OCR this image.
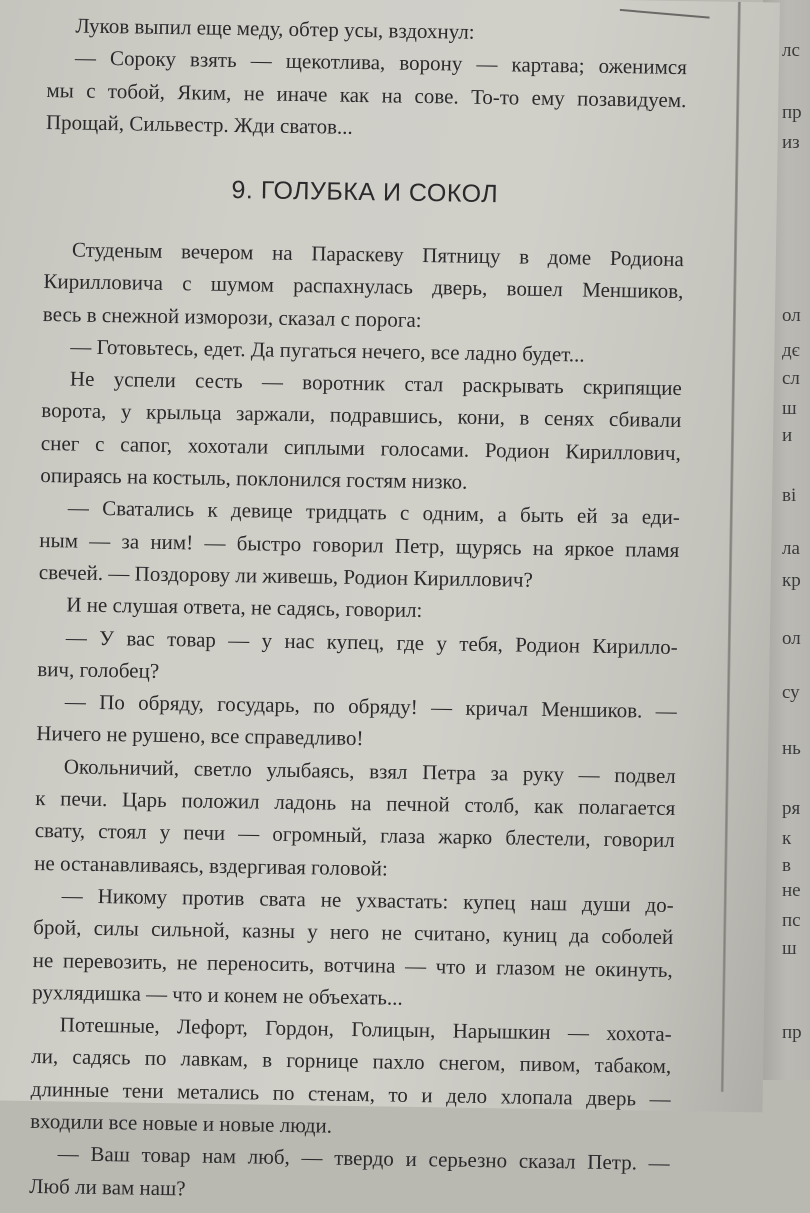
Луков выпил еще меду, обтер усы, вздохнул:
— Сороку взять — щекотлива, ворону — картава; оженимся
мы с тобой, Яким, не иначе как на сове. То-то ему позавидуем.
Прощай, Сильвестр. Жди сватов...
9. ГОЛУБКА И СОКОЛ
Студеным вечером на Параскеву Пятницу в доме Родиона
Кирилловича с шумом распахнулась дверь, вошел Меншиков,
весь в снежной изморози, сказал с порога:
— Готовьтесь, едет. Да пугаться нечего, все ладно будет...
Не успели сесть — воротник стал раскрывать скрипящие
ворота, у крыльца заржали, подравшись, кони, в сенях сбивали
снег с сапог, хохотали сиплыми голосами. Родион Кириллович,
опираясь на костыль, поклонился гостям низко.
— Сватались к девице тридцать с одним, а быть ей за еди-
ным — за ним! — быстро говорил Петр, щурясь на яркое пламя
свечей. — Поздорову ли живешь, Родион Кириллович?
И не слушая ответа, не садясь, говорил:
— У вас товар — у нас купец, где у тебя, Родион Кирилло-
вич, голобец?
— По обряду, государь, по обряду! — кричал Меншиков. —
Ничего не рушено, все справедливо!
Окольничий, светло улыбаясь, взял Петра за руку — подвел
к печи. Царь положил ладонь на печной столб, как полагается
свату, стоял у печи — огромный, глаза жарко блестели, говорил
не останавливаясь, вздергивая головой:
— Никому против свата не ухвастать: купец наш души до-
брой, силы сильной, казны у него не считано, куниц да соболей
не перевозить, не переносить, вотчина — что и глазом не окинуть,
рухлядишка — что и конем не объехать...
Потешные, Лефорт, Гордон, Голицын, Нарышкин — хохота-
ли, садясь по лавкам, в горнице пахло снегом, пивом, табаком,
длинные тени метались по стенам, то и дело хлопала дверь —
входили все новые и новые люди.
— Ваш товар нам люб, — твердо и серьезно сказал Петр. —
Люб ли вам наш?
лс
пр
из
ол
дє
сл
ш
и
ві
ла
кр
ол
су
нь
ря
к
в
не
пс
ш
пр
